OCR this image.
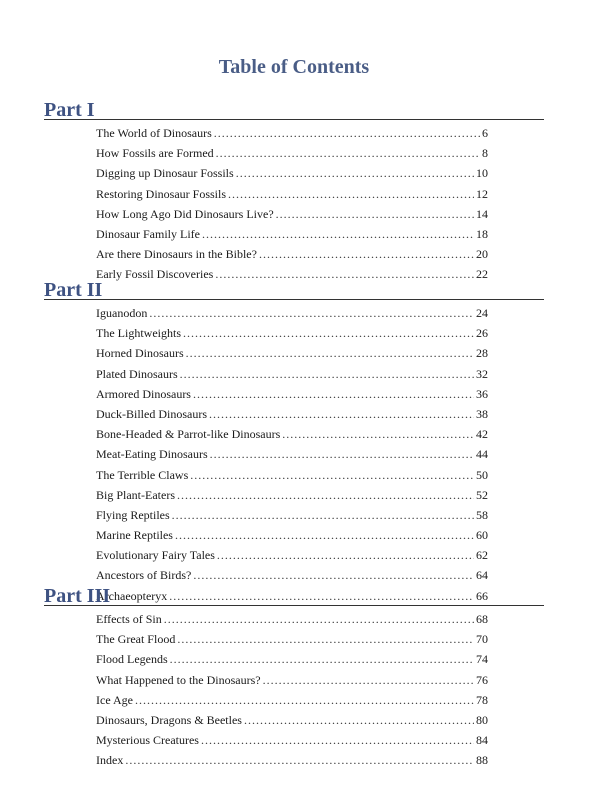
Table of Contents
Part I
The World of Dinosaurs .....	6
How Fossils are Formed .....	8
Digging up Dinosaur Fossils .....	10
Restoring Dinosaur Fossils .....	12
How Long Ago Did Dinosaurs Live? .....	14
Dinosaur Family Life .....	18
Are there Dinosaurs in the Bible? .....	20
Early Fossil Discoveries .....	22
Part II
Iguanodon .....	24
The Lightweights .....	26
Horned Dinosaurs .....	28
Plated Dinosaurs .....	32
Armored Dinosaurs .....	36
Duck-Billed Dinosaurs .....	38
Bone-Headed & Parrot-like Dinosaurs .....	42
Meat-Eating Dinosaurs .....	44
The Terrible Claws .....	50
Big Plant-Eaters .....	52
Flying Reptiles .....	58
Marine Reptiles .....	60
Evolutionary Fairy Tales .....	62
Ancestors of Birds? .....	64
Archaeopteryx .....	66
Part III
Effects of Sin .....	68
The Great Flood .....	70
Flood Legends .....	74
What Happened to the Dinosaurs? .....	76
Ice Age .....	78
Dinosaurs, Dragons & Beetles .....	80
Mysterious Creatures .....	84
Index .....	88
